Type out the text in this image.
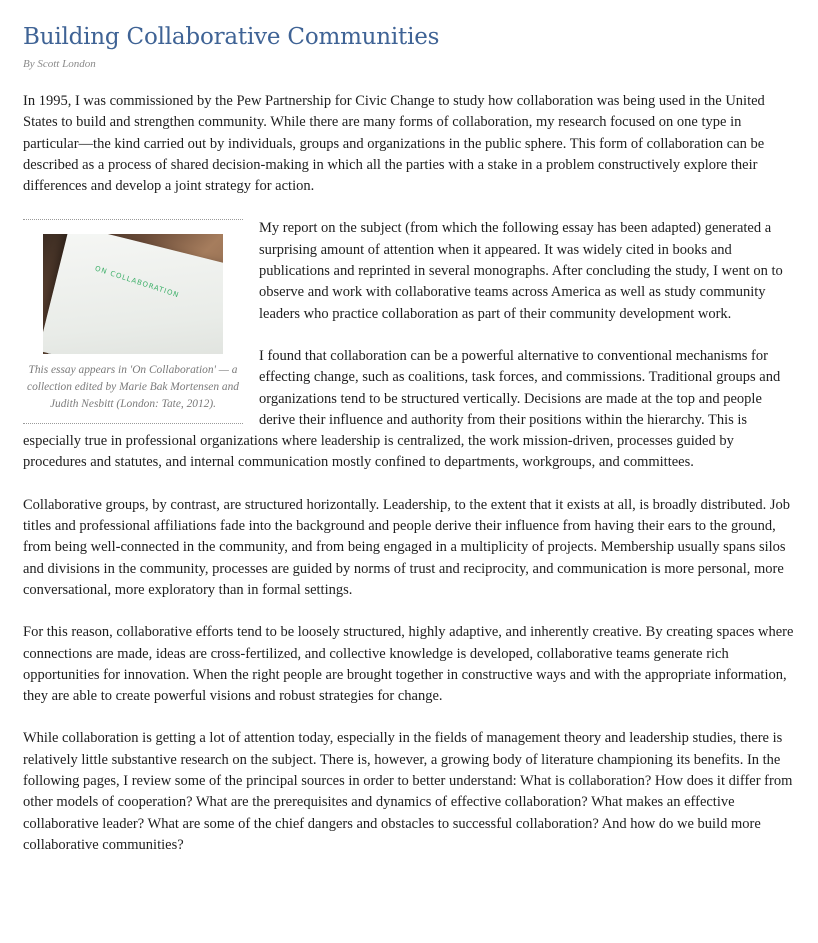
Building Collaborative Communities
By Scott London

In 1995, I was commissioned by the Pew Partnership for Civic Change to study how collaboration was being used in the United States to build and strengthen community. While there are many forms of collaboration, my research focused on one type in particular—the kind carried out by individuals, groups and organizations in the public sphere. This form of collaboration can be described as a process of shared decision-making in which all the parties with a stake in a problem constructively explore their differences and develop a joint strategy for action.

ON COLLABORATION

This essay appears in 'On Collaboration' — a collection edited by Marie Bak Mortensen and Judith Nesbitt (London: Tate, 2012).

My report on the subject (from which the following essay has been adapted) generated a surprising amount of attention when it appeared. It was widely cited in books and publications and reprinted in several monographs. After concluding the study, I went on to observe and work with collaborative teams across America as well as study community leaders who practice collaboration as part of their community development work.

I found that collaboration can be a powerful alternative to conventional mechanisms for effecting change, such as coalitions, task forces, and commissions. Traditional groups and organizations tend to be structured vertically. Decisions are made at the top and people derive their influence and authority from their positions within the hierarchy. This is especially true in professional organizations where leadership is centralized, the work mission-driven, processes guided by procedures and statutes, and internal communication mostly confined to departments, workgroups, and committees.

Collaborative groups, by contrast, are structured horizontally. Leadership, to the extent that it exists at all, is broadly distributed. Job titles and professional affiliations fade into the background and people derive their influence from having their ears to the ground, from being well-connected in the community, and from being engaged in a multiplicity of projects. Membership usually spans silos and divisions in the community, processes are guided by norms of trust and reciprocity, and communication is more personal, more conversational, more exploratory than in formal settings.

For this reason, collaborative efforts tend to be loosely structured, highly adaptive, and inherently creative. By creating spaces where connections are made, ideas are cross-fertilized, and collective knowledge is developed, collaborative teams generate rich opportunities for innovation. When the right people are brought together in constructive ways and with the appropriate information, they are able to create powerful visions and robust strategies for change.

While collaboration is getting a lot of attention today, especially in the fields of management theory and leadership studies, there is relatively little substantive research on the subject. There is, however, a growing body of literature championing its benefits. In the following pages, I review some of the principal sources in order to better understand: What is collaboration? How does it differ from other models of cooperation? What are the prerequisites and dynamics of effective collaboration? What makes an effective collaborative leader? What are some of the chief dangers and obstacles to successful collaboration? And how do we build more collaborative communities?
